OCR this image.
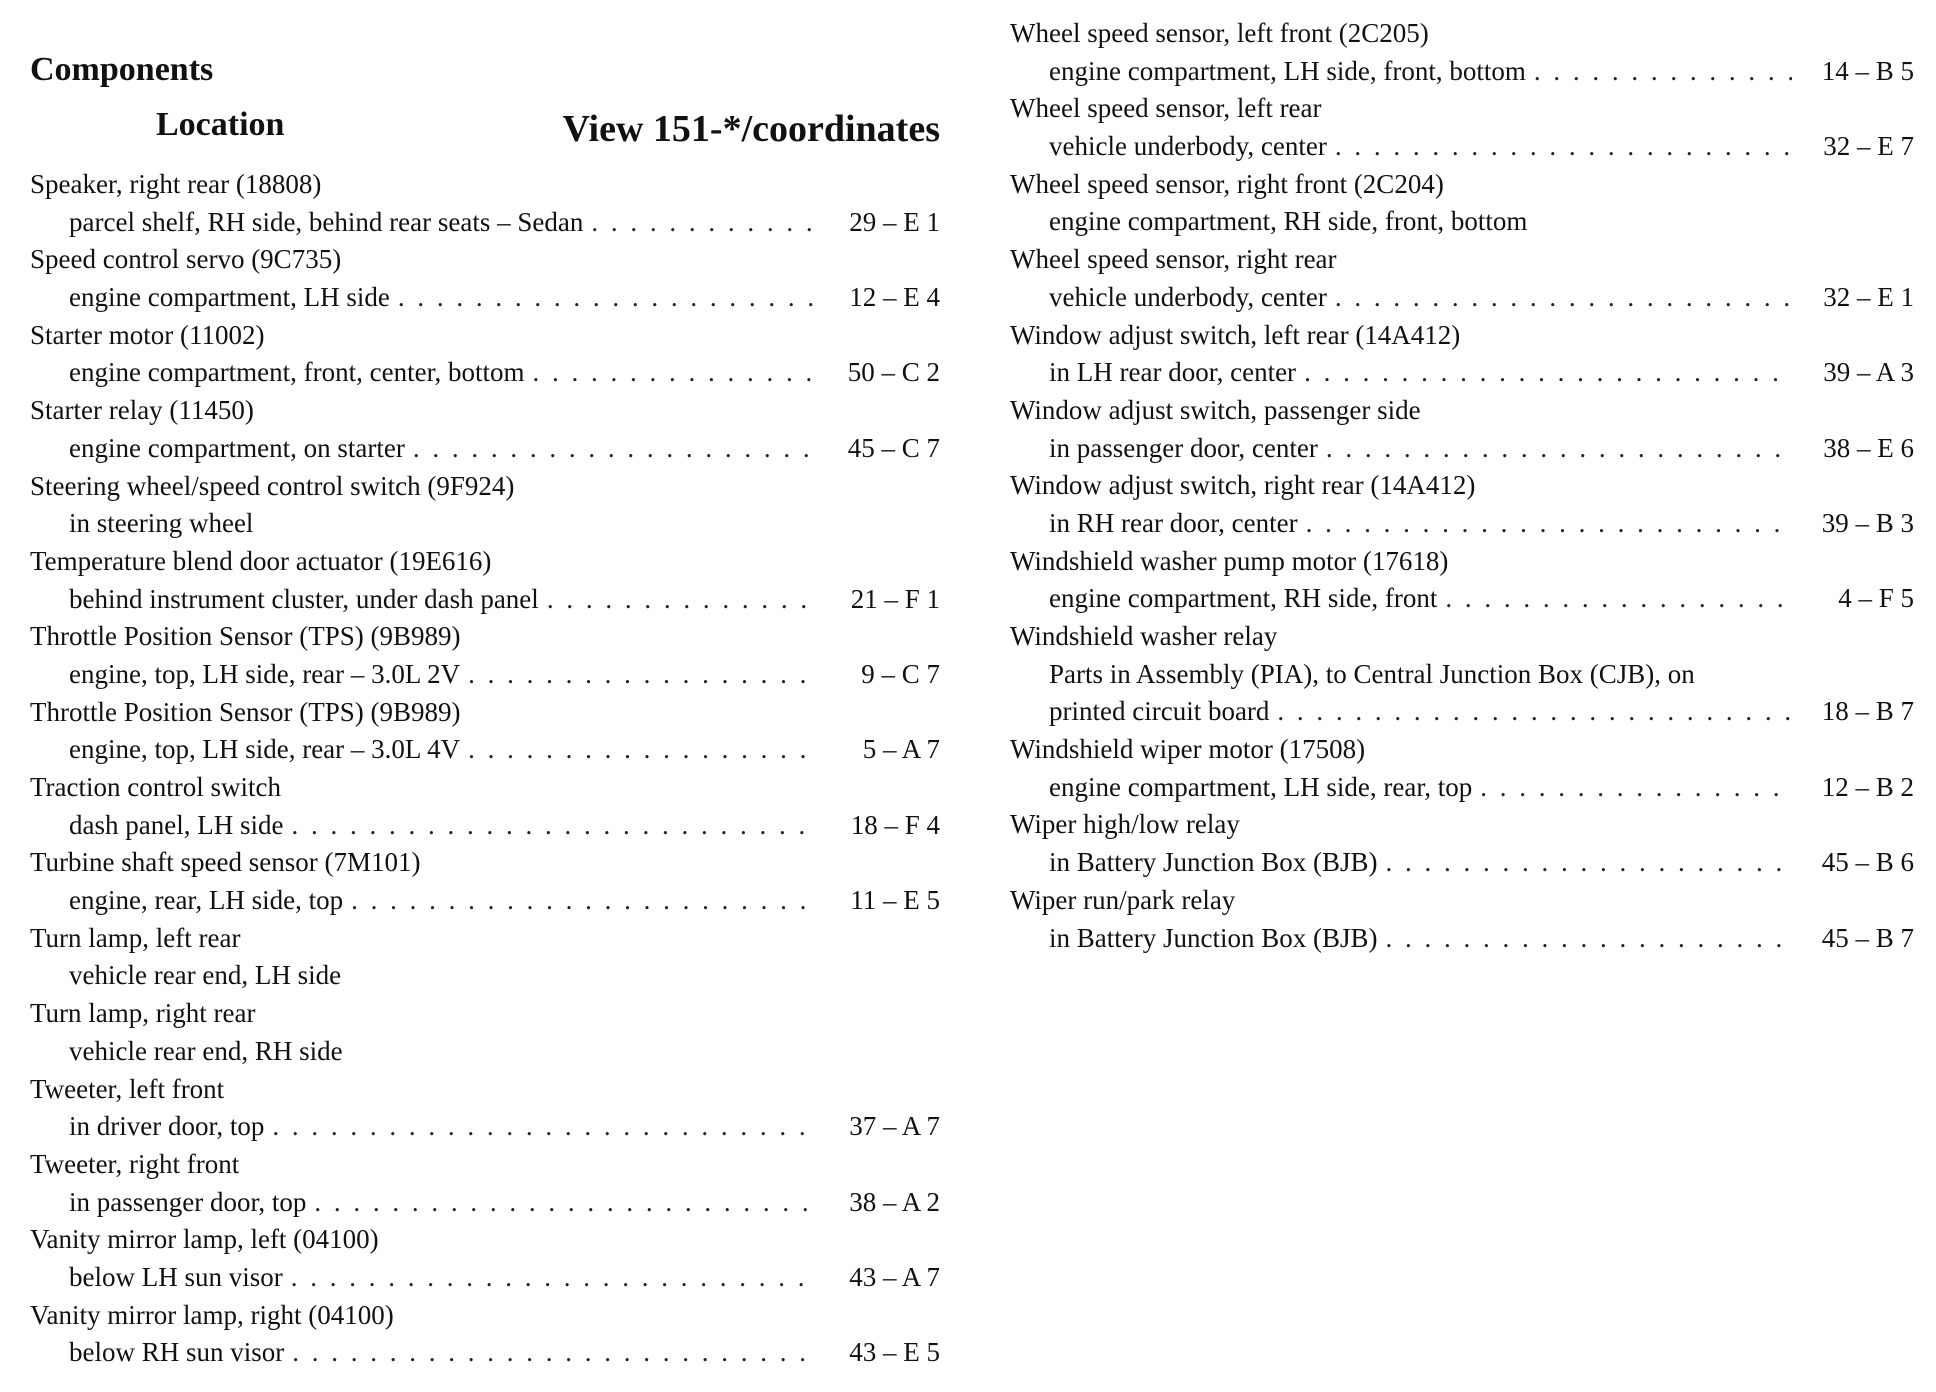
Components
Location	View 151-*/coordinates
Speaker, right rear (18808)
parcel shelf, RH side, behind rear seats – Sedan . . .	29 – E 1
Speed control servo (9C735)
engine compartment, LH side . . .	12 – E 4
Starter motor (11002)
engine compartment, front, center, bottom . . .	50 – C 2
Starter relay (11450)
engine compartment, on starter . . .	45 – C 7
Steering wheel/speed control switch (9F924)
in steering wheel
Temperature blend door actuator (19E616)
behind instrument cluster, under dash panel . . .	21 – F 1
Throttle Position Sensor (TPS) (9B989)
engine, top, LH side, rear – 3.0L 2V . . .	9 – C 7
Throttle Position Sensor (TPS) (9B989)
engine, top, LH side, rear – 3.0L 4V . . .	5 – A 7
Traction control switch
dash panel, LH side . . .	18 – F 4
Turbine shaft speed sensor (7M101)
engine, rear, LH side, top . . .	11 – E 5
Turn lamp, left rear
vehicle rear end, LH side
Turn lamp, right rear
vehicle rear end, RH side
Tweeter, left front
in driver door, top . . .	37 – A 7
Tweeter, right front
in passenger door, top . . .	38 – A 2
Vanity mirror lamp, left (04100)
below LH sun visor . . .	43 – A 7
Vanity mirror lamp, right (04100)
below RH sun visor . . .	43 – E 5
Wheel speed sensor, left front (2C205)
engine compartment, LH side, front, bottom . . .	14 – B 5
Wheel speed sensor, left rear
vehicle underbody, center . . .	32 – E 7
Wheel speed sensor, right front (2C204)
engine compartment, RH side, front, bottom
Wheel speed sensor, right rear
vehicle underbody, center . . .	32 – E 1
Window adjust switch, left rear (14A412)
in LH rear door, center . . .	39 – A 3
Window adjust switch, passenger side
in passenger door, center . . .	38 – E 6
Window adjust switch, right rear (14A412)
in RH rear door, center . . .	39 – B 3
Windshield washer pump motor (17618)
engine compartment, RH side, front . . .	4 – F 5
Windshield washer relay
Parts in Assembly (PIA), to Central Junction Box (CJB), on
printed circuit board . . .	18 – B 7
Windshield wiper motor (17508)
engine compartment, LH side, rear, top . . .	12 – B 2
Wiper high/low relay
in Battery Junction Box (BJB) . . .	45 – B 6
Wiper run/park relay
in Battery Junction Box (BJB) . . .	45 – B 7
